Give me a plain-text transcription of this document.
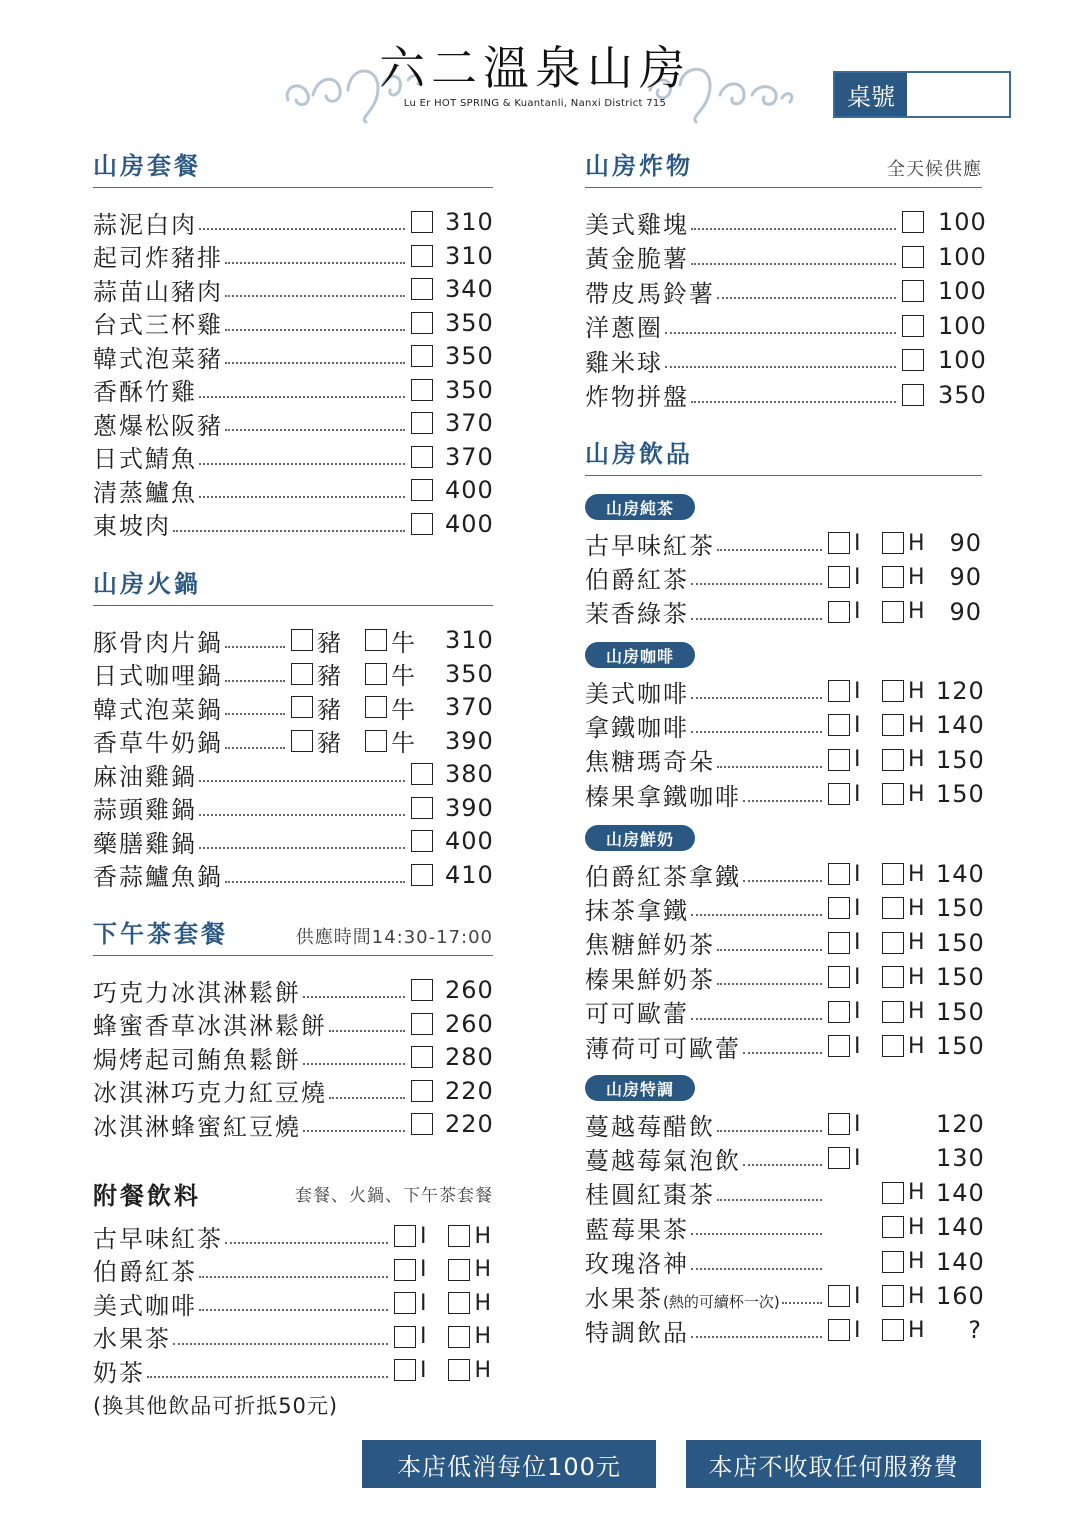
六二溫泉山房
Lu Er HOT SPRING & Kuantanli, Nanxi District 715	桌號
山房套餐
蒜泥白肉	310
起司炸豬排	310
蒜苗山豬肉	340
台式三杯雞	350
韓式泡菜豬	350
香酥竹雞	350
蔥爆松阪豬	370
日式鯖魚	370
清蒸鱸魚	400
東坡肉	400
山房火鍋
豚骨肉片鍋	豬 牛 310
日式咖哩鍋	豬 牛 350
韓式泡菜鍋	豬 牛 370
香草牛奶鍋	豬 牛 390
麻油雞鍋	380
蒜頭雞鍋	390
藥膳雞鍋	400
香蒜鱸魚鍋	410
下午茶套餐	供應時間14:30-17:00
巧克力冰淇淋鬆餅	260
蜂蜜香草冰淇淋鬆餅	260
焗烤起司鮪魚鬆餅	280
冰淇淋巧克力紅豆燒	220
冰淇淋蜂蜜紅豆燒	220
附餐飲料	套餐、火鍋、下午茶套餐
古早味紅茶	I H
伯爵紅茶	I H
美式咖啡	I H
水果茶	I H
奶茶	I H
(換其他飲品可折抵50元)
山房炸物	全天候供應
美式雞塊	100
黃金脆薯	100
帶皮馬鈴薯	100
洋蔥圈	100
雞米球	100
炸物拼盤	350
山房飲品
山房純茶
古早味紅茶	I H 90
伯爵紅茶	I H 90
茉香綠茶	I H 90
山房咖啡
美式咖啡	I H 120
拿鐵咖啡	I H 140
焦糖瑪奇朵	I H 150
榛果拿鐵咖啡	I H 150
山房鮮奶
伯爵紅茶拿鐵	I H 140
抹茶拿鐵	I H 150
焦糖鮮奶茶	I H 150
榛果鮮奶茶	I H 150
可可歐蕾	I H 150
薄荷可可歐蕾	I H 150
山房特調
蔓越莓醋飲	I	120
蔓越莓氣泡飲	I	130
桂圓紅棗茶	H 140
藍莓果茶	H 140
玫瑰洛神	H 140
水果茶(熱的可續杯一次)	I H 160
特調飲品	I H	?
本店低消每位100元	本店不收取任何服務費
